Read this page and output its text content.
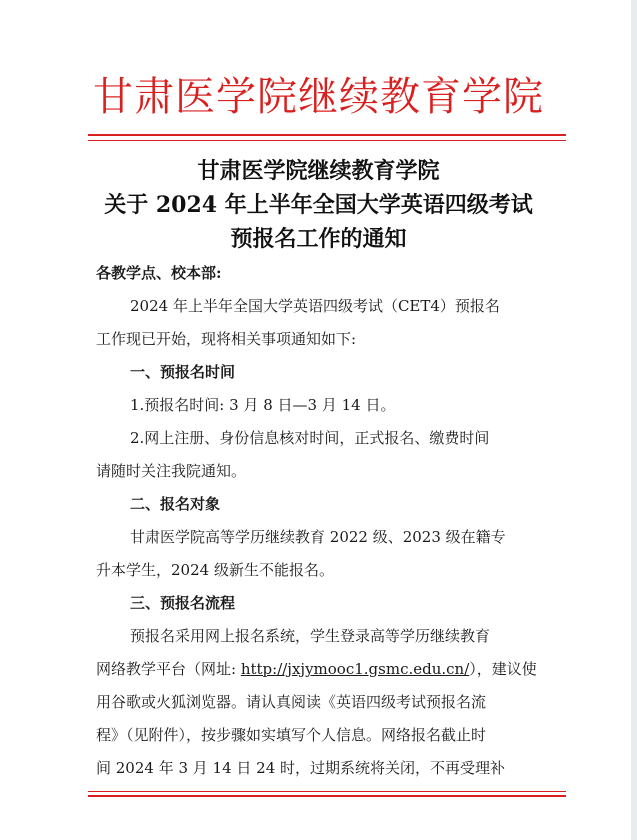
甘肃医学院继续教育学院
甘肃医学院继续教育学院
关于 2024 年上半年全国大学英语四级考试
预报名工作的通知
各教学点、校本部:
2024 年上半年全国大学英语四级考试（CET4）预报名
工作现已开始，现将相关事项通知如下:
一、预报名时间
1.预报名时间: 3 月 8 日—3 月 14 日。
2.网上注册、身份信息核对时间，正式报名、缴费时间
请随时关注我院通知。
二、报名对象
甘肃医学院高等学历继续教育 2022 级、2023 级在籍专
升本学生，2024 级新生不能报名。
三、预报名流程
预报名采用网上报名系统，学生登录高等学历继续教育
网络教学平台（网址: http://jxjymooc1.gsmc.edu.cn/），建议使
用谷歌或火狐浏览器。请认真阅读《英语四级考试预报名流
程》（见附件），按步骤如实填写个人信息。网络报名截止时
间 2024 年 3 月 14 日 24 时，过期系统将关闭，不再受理补
